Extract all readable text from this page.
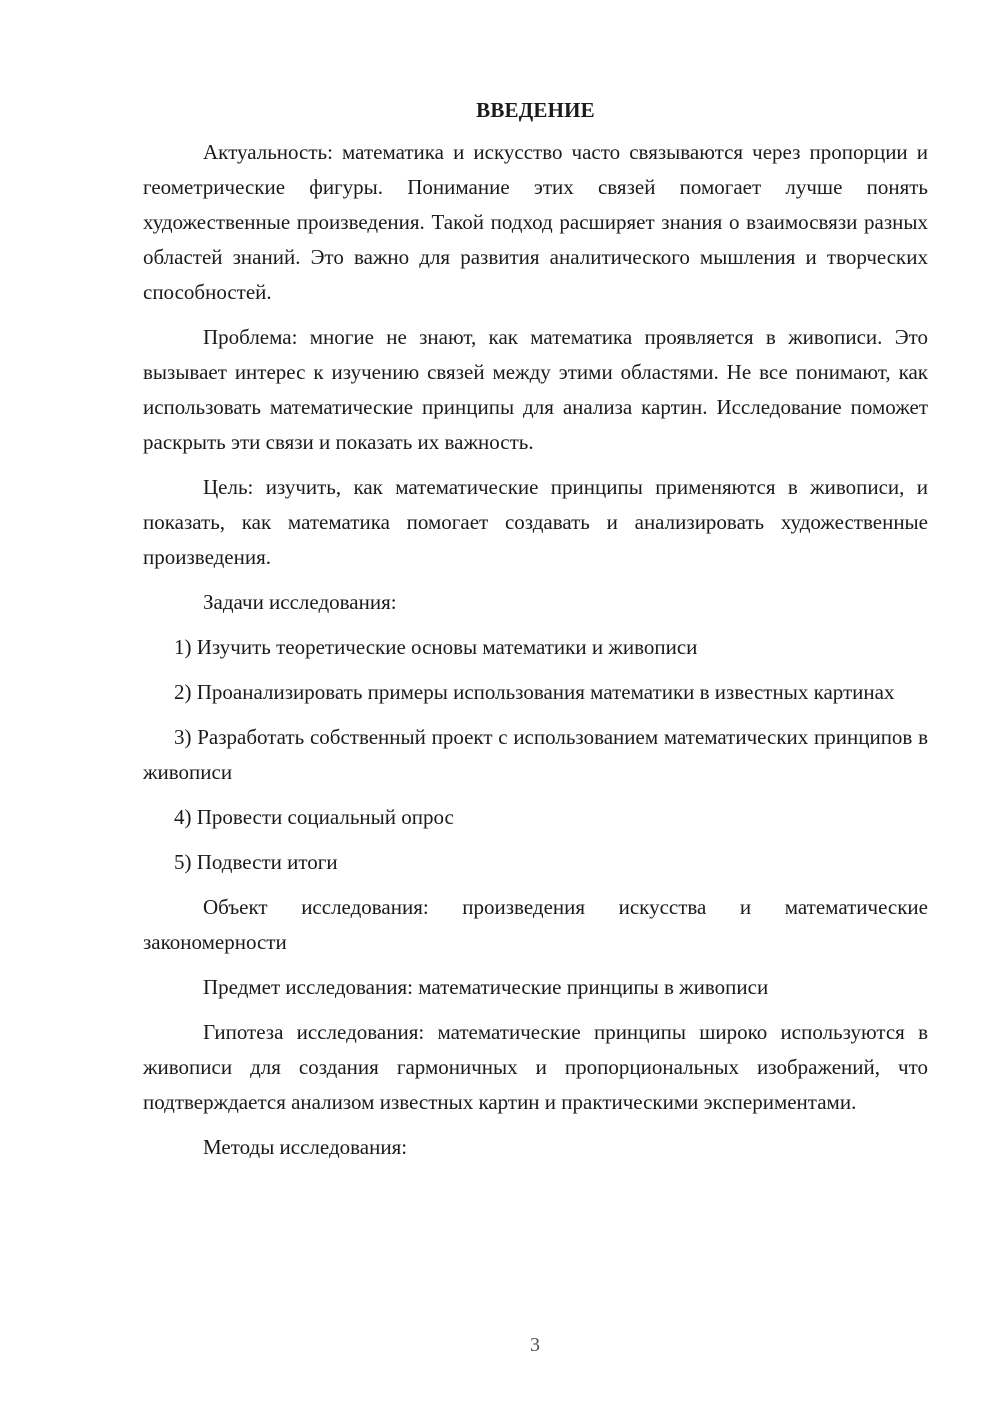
ВВЕДЕНИЕ

Актуальность: математика и искусство часто связываются через пропорции и геометрические фигуры. Понимание этих связей помогает лучше понять художественные произведения. Такой подход расширяет знания о взаимосвязи разных областей знаний. Это важно для развития аналитического мышления и творческих способностей.

Проблема: многие не знают, как математика проявляется в живописи. Это вызывает интерес к изучению связей между этими областями. Не все понимают, как использовать математические принципы для анализа картин. Исследование поможет раскрыть эти связи и показать их важность.

Цель: изучить, как математические принципы применяются в живописи, и показать, как математика помогает создавать и анализировать художественные произведения.

Задачи исследования:

1) Изучить теоретические основы математики и живописи

2) Проанализировать примеры использования математики в известных картинах

3) Разработать собственный проект с использованием математических принципов в живописи

4) Провести социальный опрос

5) Подвести итоги

Объект исследования: произведения искусства и математические закономерности

Предмет исследования: математические принципы в живописи

Гипотеза исследования: математические принципы широко используются в живописи для создания гармоничных и пропорциональных изображений, что подтверждается анализом известных картин и практическими экспериментами.

Методы исследования:

3
